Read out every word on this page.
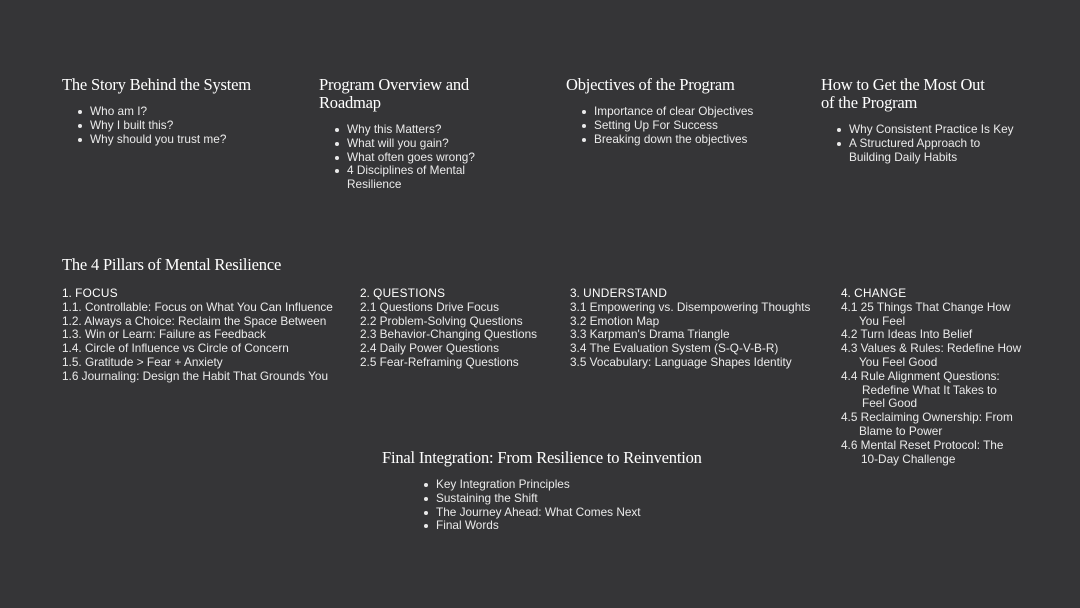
The Story Behind the System
Who am I?
Why I built this?
Why should you trust me?
Program Overview and
Roadmap
Why this Matters?
What will you gain?
What often goes wrong?
4 Disciplines of Mental Resilience
Objectives of the Program
Importance of clear Objectives
Setting Up For Success
Breaking down the objectives
How to Get the Most Out
of the Program
Why Consistent Practice Is Key
A Structured Approach to Building Daily Habits
The 4 Pillars of Mental Resilience
1. FOCUS
1.1. Controllable: Focus on What You Can Influence
1.2. Always a Choice: Reclaim the Space Between
1.3. Win or Learn: Failure as Feedback
1.4. Circle of Influence vs Circle of Concern
1.5. Gratitude > Fear + Anxiety
1.6 Journaling: Design the Habit That Grounds You
2. QUESTIONS
2.1 Questions Drive Focus
2.2 Problem-Solving Questions
2.3 Behavior-Changing Questions
2.4 Daily Power Questions
2.5 Fear-Reframing Questions
3. UNDERSTAND
3.1 Empowering vs. Disempowering Thoughts
3.2 Emotion Map
3.3 Karpman's Drama Triangle
3.4 The Evaluation System (S-Q-V-B-R)
3.5 Vocabulary: Language Shapes Identity
4. CHANGE
4.1 25 Things That Change How You Feel
4.2 Turn Ideas Into Belief
4.3 Values & Rules: Redefine How You Feel Good
4.4 Rule Alignment Questions: Redefine What It Takes to Feel Good
4.5 Reclaiming Ownership: From Blame to Power
4.6 Mental Reset Protocol: The 10-Day Challenge
Final Integration: From Resilience to Reinvention
Key Integration Principles
Sustaining the Shift
The Journey Ahead: What Comes Next
Final Words
